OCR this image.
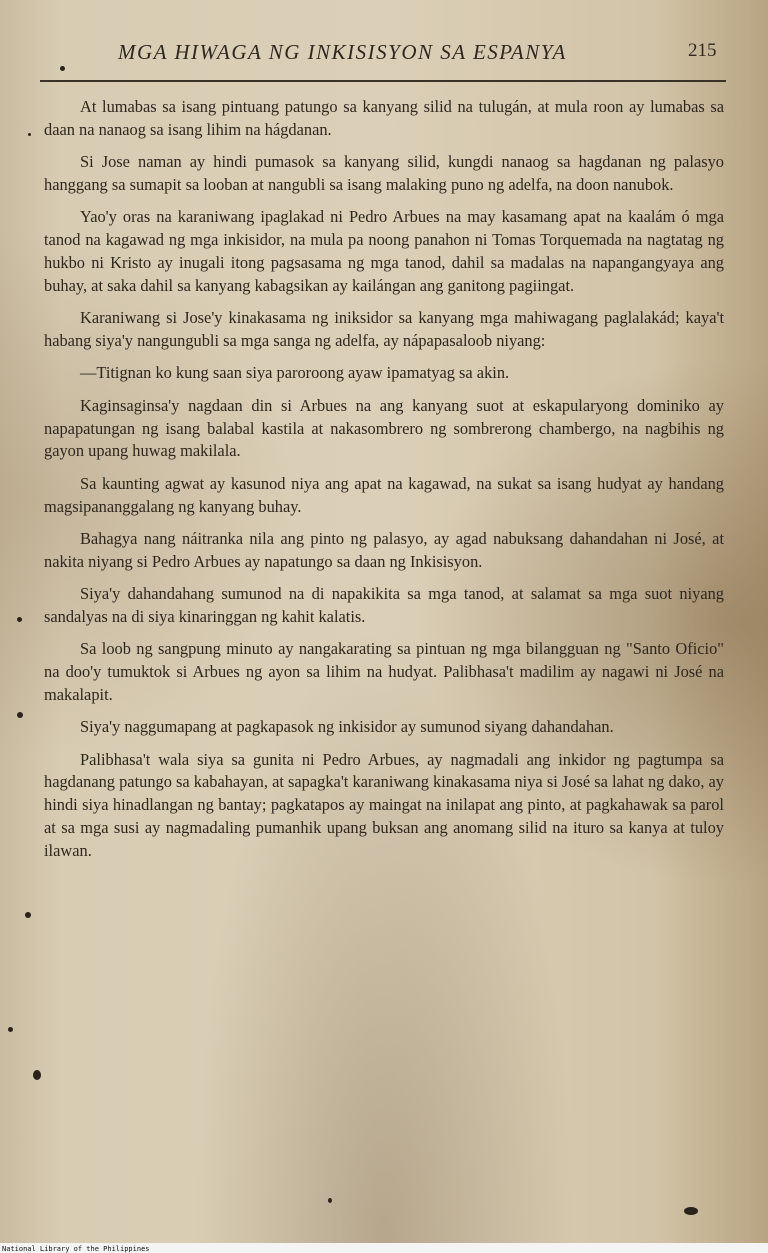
MGA HIWAGA NG INKISISYON SA ESPANYA	215

At lumabas sa isang pintuang patungo sa kanyang silid na tulugán, at mula roon ay lumabas sa daan na nanaog sa isang lihim na hágdanan.

Si Jose naman ay hindi pumasok sa kanyang silid, kungdi nanaog sa hagdanan ng palasyo hanggang sa sumapit sa looban at nangubli sa isang malaking puno ng adelfa, na doon nanubok.

Yao'y oras na karaniwang ipaglakad ni Pedro Arbues na may kasamang apat na kaalám ó mga tanod na kagawad ng mga inkisidor, na mula pa noong panahon ni Tomas Torquemada na nagtatag ng hukbo ni Kristo ay inugali itong pagsasama ng mga tanod, dahil sa madalas na napangangyaya ang buhay, at saka dahil sa kanyang kabagsikan ay kailángan ang ganitong pagiingat.

Karaniwang si Jose'y kinakasama ng iniksidor sa kanyang mga mahiwagang paglalakád; kaya't habang siya'y nangungubli sa mga sanga ng adelfa, ay nápapasaloob niyang:

—Titignan ko kung saan siya paroroong ayaw ipamatyag sa akin.

Kaginsaginsa'y nagdaan din si Arbues na ang kanyang suot at eskapularyong dominiko ay napapatungan ng isang balabal kastila at nakasombrero ng sombrerong chambergo, na nagbihis ng gayon upang huwag makilala.

Sa kaunting agwat ay kasunod niya ang apat na kagawad, na sukat sa isang hudyat ay handang magsipananggalang ng kanyang buhay.

Bahagya nang náitranka nila ang pinto ng palasyo, ay agad nabuksang dahandahan ni José, at nakita niyang si Pedro Arbues ay napatungo sa daan ng Inkisisyon.

Siya'y dahandahang sumunod na di napakikita sa mga tanod, at salamat sa mga suot niyang sandalyas na di siya kinaringgan ng kahit kalatis.

Sa loob ng sangpung minuto ay nangakarating sa pintuan ng mga bilangguan ng "Santo Oficio" na doo'y tumuktok si Arbues ng ayon sa lihim na hudyat. Palibhasa't madilim ay nagawi ni José na makalapit.

Siya'y naggumapang at pagkapasok ng inkisidor ay sumunod siyang dahandahan.

Palibhasa't wala siya sa gunita ni Pedro Arbues, ay nagmadali ang inkidor ng pagtumpa sa hagdanang patungo sa kabahayan, at sapagka't karaniwang kinakasama niya si José sa lahat ng dako, ay hindi siya hinadlangan ng bantay; pagkatapos ay maingat na inilapat ang pinto, at pagkahawak sa parol at sa mga susi ay nagmadaling pumanhik upang buksan ang anomang silid na ituro sa kanya at tuloy ilawan.

National Library of the Philippines
